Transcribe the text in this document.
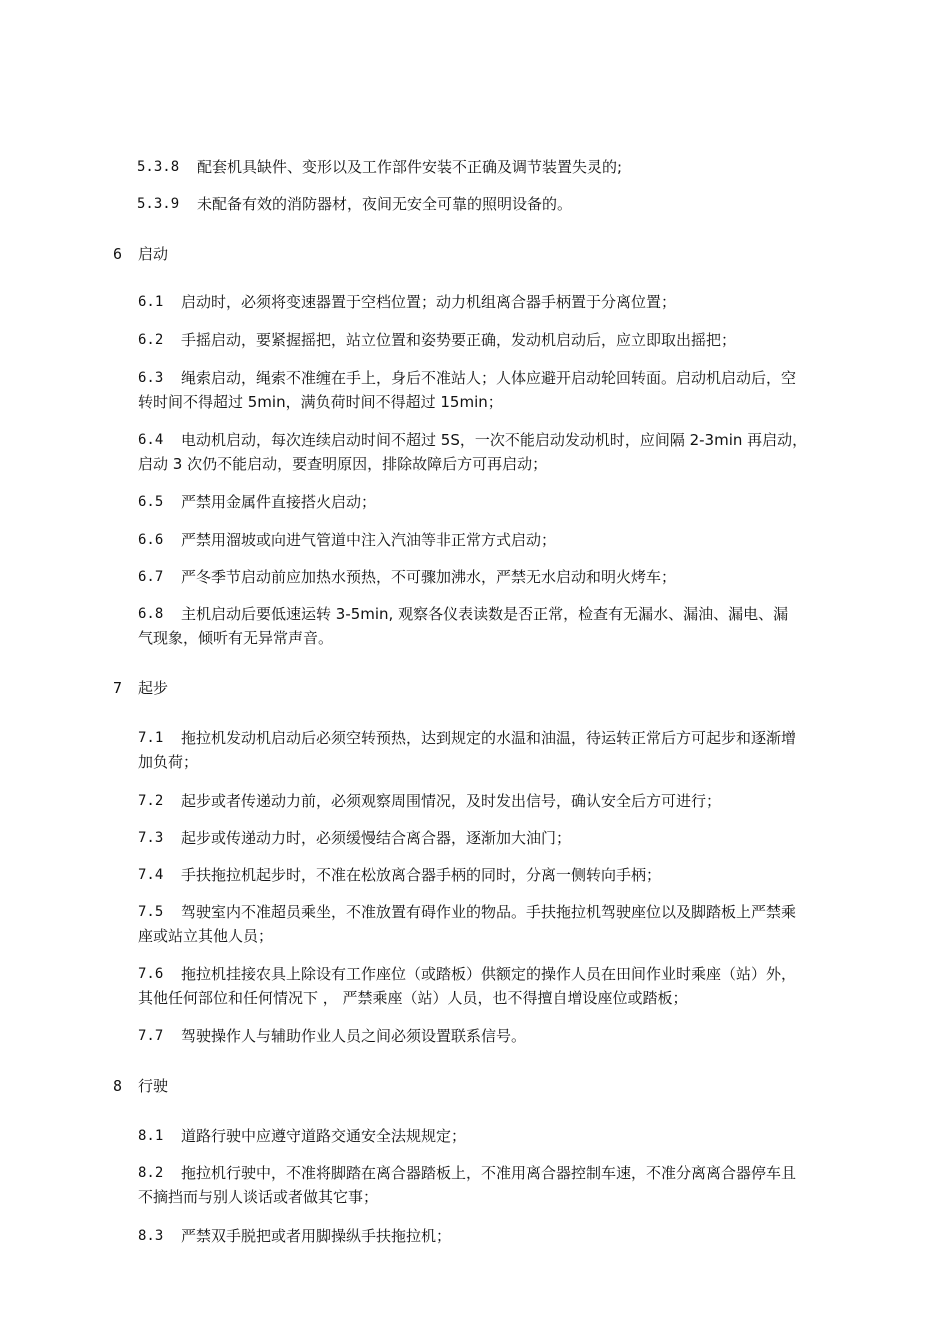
5.3.8 配套机具缺件、变形以及工作部件安装不正确及调节装置失灵的;
5.3.9 未配备有效的消防器材，夜间无安全可靠的照明设备的。
6 启动
6.1 启动时，必须将变速器置于空档位置；动力机组离合器手柄置于分离位置；
6.2 手摇启动，要紧握摇把，站立位置和姿势要正确，发动机启动后，应立即取出摇把；
6.3 绳索启动，绳索不准缠在手上，身后不准站人；人体应避开启动轮回转面。启动机启动后，空
转时间不得超过 5min，满负荷时间不得超过 15min；
6.4 电动机启动，每次连续启动时间不超过 5S，一次不能启动发动机时，应间隔 2-3min 再启动，
启动 3 次仍不能启动，要查明原因，排除故障后方可再启动；
6.5 严禁用金属件直接搭火启动；
6.6 严禁用溜坡或向进气管道中注入汽油等非正常方式启动；
6.7 严冬季节启动前应加热水预热，不可骤加沸水，严禁无水启动和明火烤车；
6.8 主机启动后要低速运转 3-5min, 观察各仪表读数是否正常，检查有无漏水、漏油、漏电、漏
气现象，倾听有无异常声音。
7 起步
7.1 拖拉机发动机启动后必须空转预热，达到规定的水温和油温，待运转正常后方可起步和逐渐增
加负荷；
7.2 起步或者传递动力前，必须观察周围情况，及时发出信号，确认安全后方可进行；
7.3 起步或传递动力时，必须缓慢结合离合器，逐渐加大油门；
7.4 手扶拖拉机起步时，不准在松放离合器手柄的同时，分离一侧转向手柄；
7.5 驾驶室内不准超员乘坐，不准放置有碍作业的物品。手扶拖拉机驾驶座位以及脚踏板上严禁乘
座或站立其他人员；
7.6 拖拉机挂接农具上除设有工作座位（或踏板）供额定的操作人员在田间作业时乘座（站）外，
其他任何部位和任何情况下 ， 严禁乘座（站）人员，也不得擅自增设座位或踏板；
7.7 驾驶操作人与辅助作业人员之间必须设置联系信号。
8 行驶
8.1 道路行驶中应遵守道路交通安全法规规定；
8.2 拖拉机行驶中，不准将脚踏在离合器踏板上，不准用离合器控制车速，不准分离离合器停车且
不摘挡而与别人谈话或者做其它事；
8.3 严禁双手脱把或者用脚操纵手扶拖拉机；
